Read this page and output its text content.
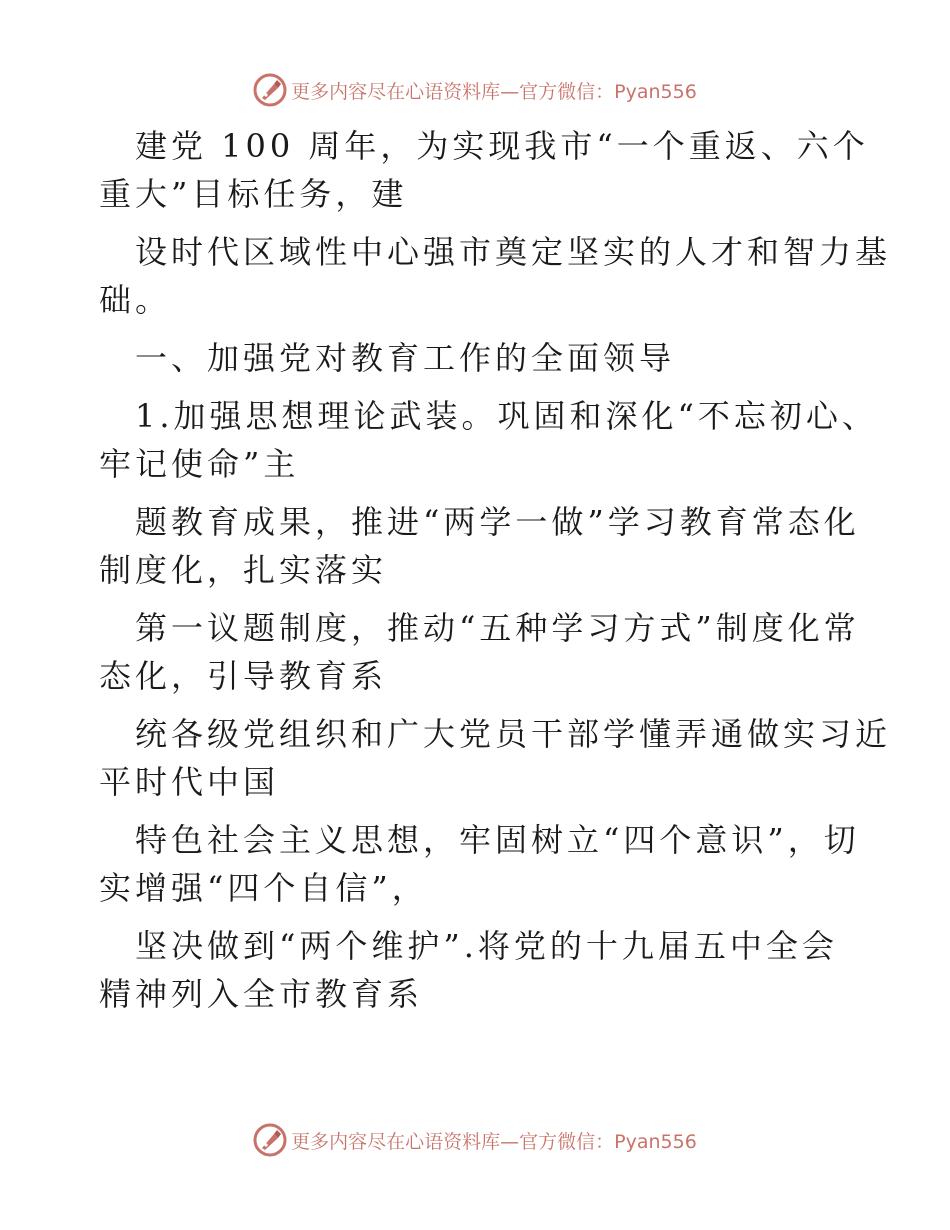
更多内容尽在心语资料库—官方微信：Pyan556
建党 100 周年，为实现我市“一个重返、六个
重大”目标任务，建
设时代区域性中心强市奠定坚实的人才和智力基
础。
一、加强党对教育工作的全面领导
1.加强思想理论武装。巩固和深化“不忘初心、
牢记使命”主
题教育成果，推进“两学一做”学习教育常态化
制度化，扎实落实
第一议题制度，推动“五种学习方式”制度化常
态化，引导教育系
统各级党组织和广大党员干部学懂弄通做实习近
平时代中国
特色社会主义思想，牢固树立“四个意识”，切
实增强“四个自信”，
坚决做到“两个维护”.将党的十九届五中全会
精神列入全市教育系
更多内容尽在心语资料库—官方微信：Pyan556
